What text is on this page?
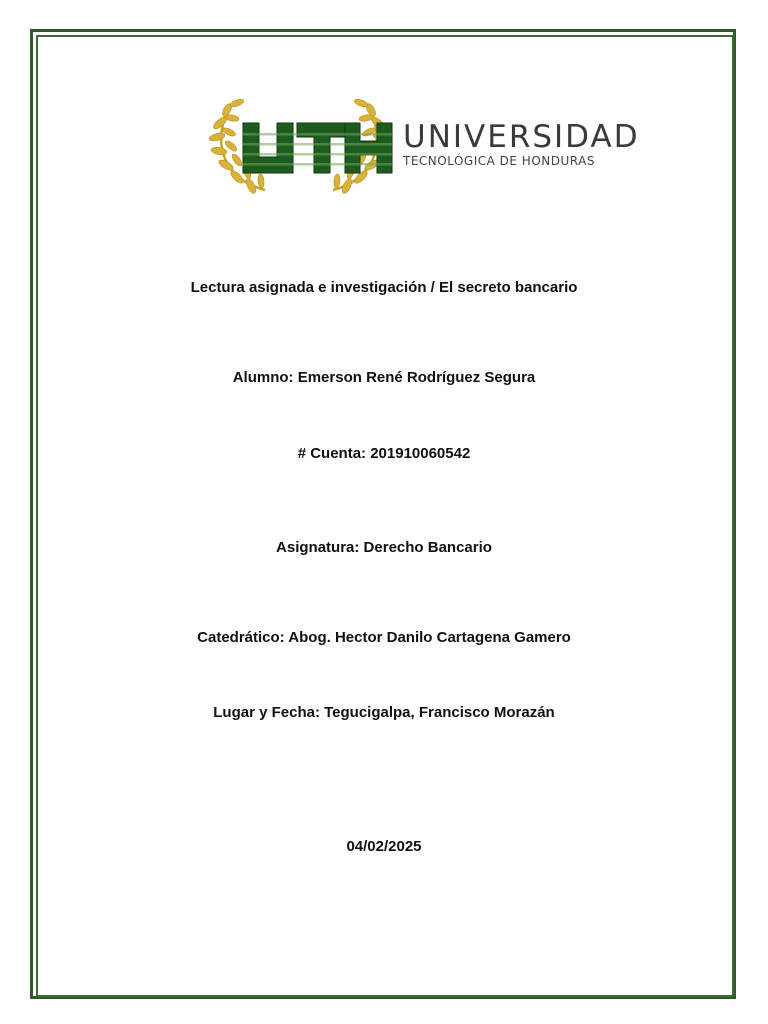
UNIVERSIDAD
TECNOLÓGICA DE HONDURAS
Lectura asignada e investigación / El secreto bancario
Alumno: Emerson René Rodríguez Segura
# Cuenta: 201910060542
Asignatura: Derecho Bancario
Catedrático: Abog. Hector Danilo Cartagena Gamero
Lugar y Fecha: Tegucigalpa, Francisco Morazán
04/02/2025
